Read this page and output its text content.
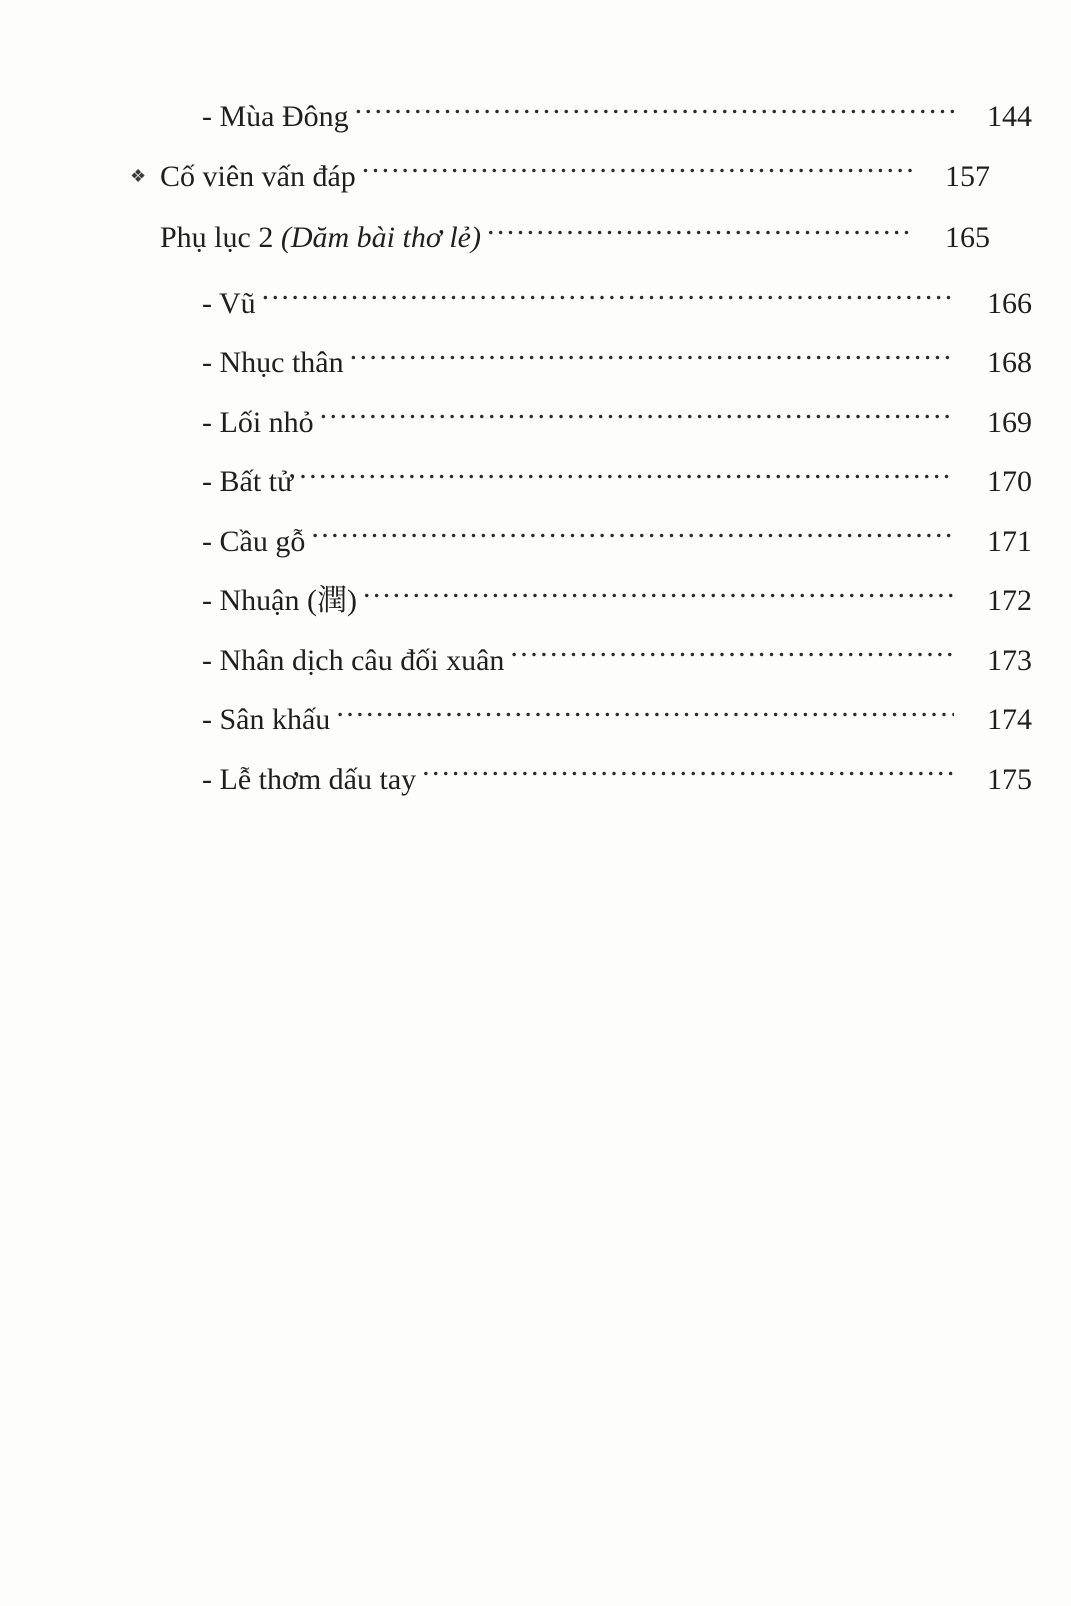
- Mùa Đông .....	144
❖ Cố viên vấn đáp .....	157
Phụ lục 2 (Dăm bài thơ lẻ) .....	165
- Vũ .....	166
- Nhục thân .....	168
- Lối nhỏ .....	169
- Bất tử .....	170
- Cầu gỗ .....	171
- Nhuận (潤) .....	172
- Nhân dịch câu đối xuân .....	173
- Sân khấu .....	174
- Lễ thơm dấu tay .....	175
